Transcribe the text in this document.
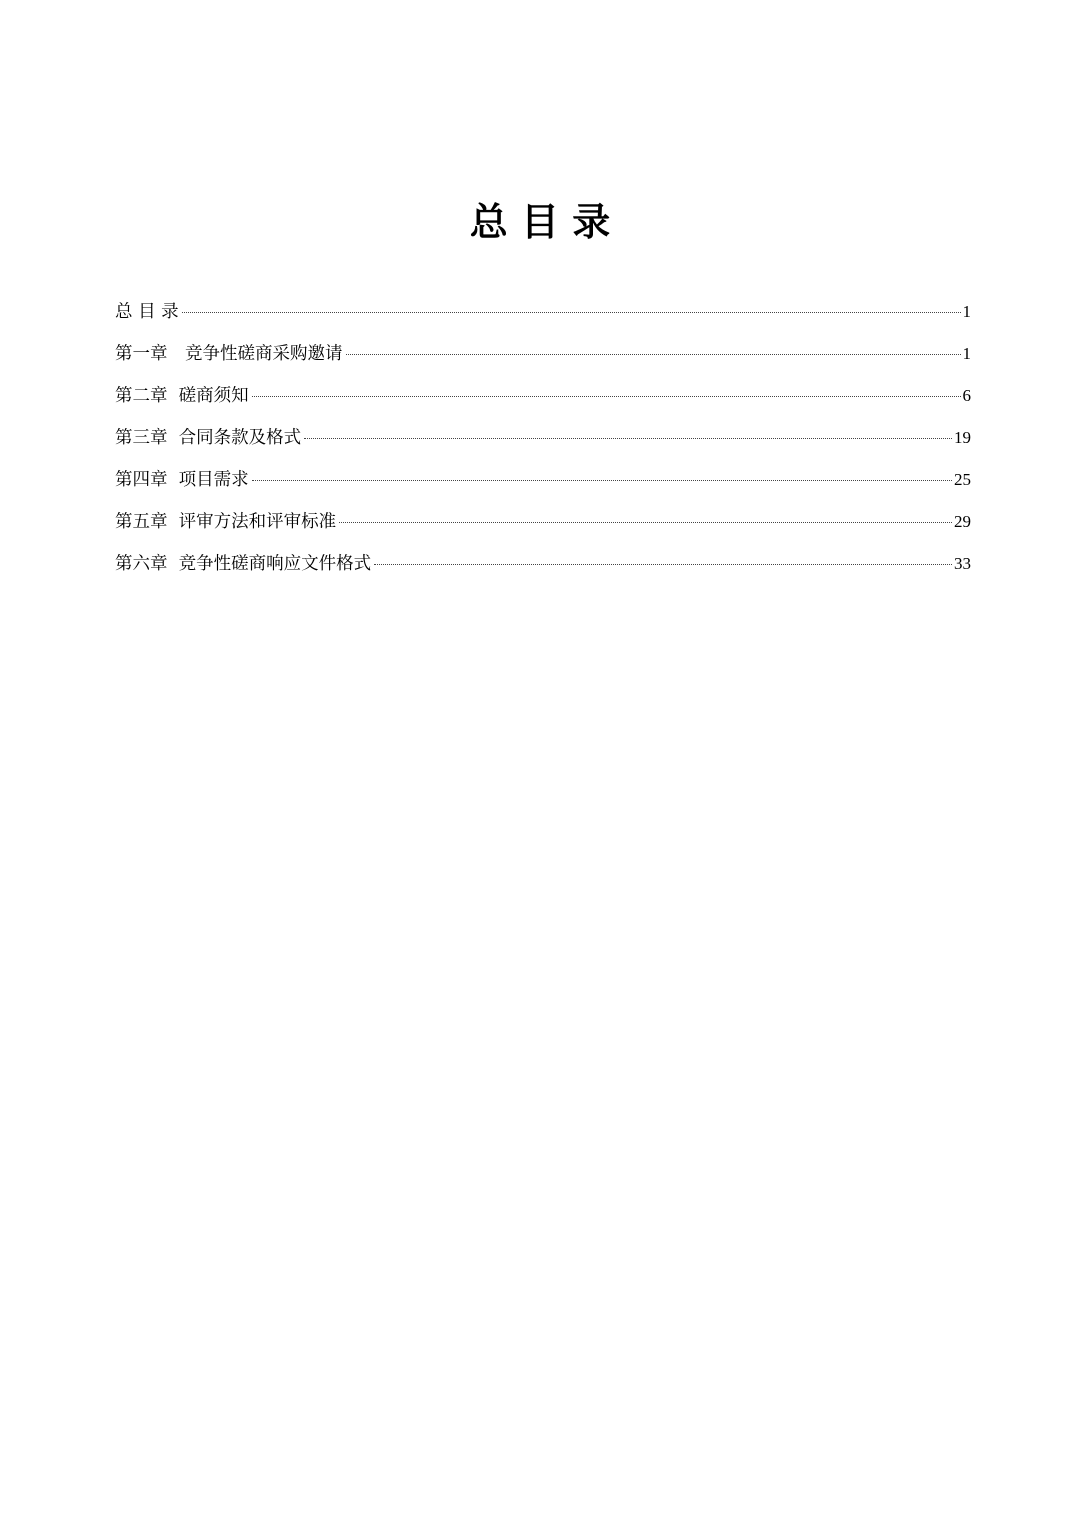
总 目 录
总 目 录	1
第一章　竞争性磋商采购邀请	1
第二章  磋商须知	6
第三章  合同条款及格式	19
第四章  项目需求	25
第五章  评审方法和评审标准	29
第六章  竞争性磋商响应文件格式	33
